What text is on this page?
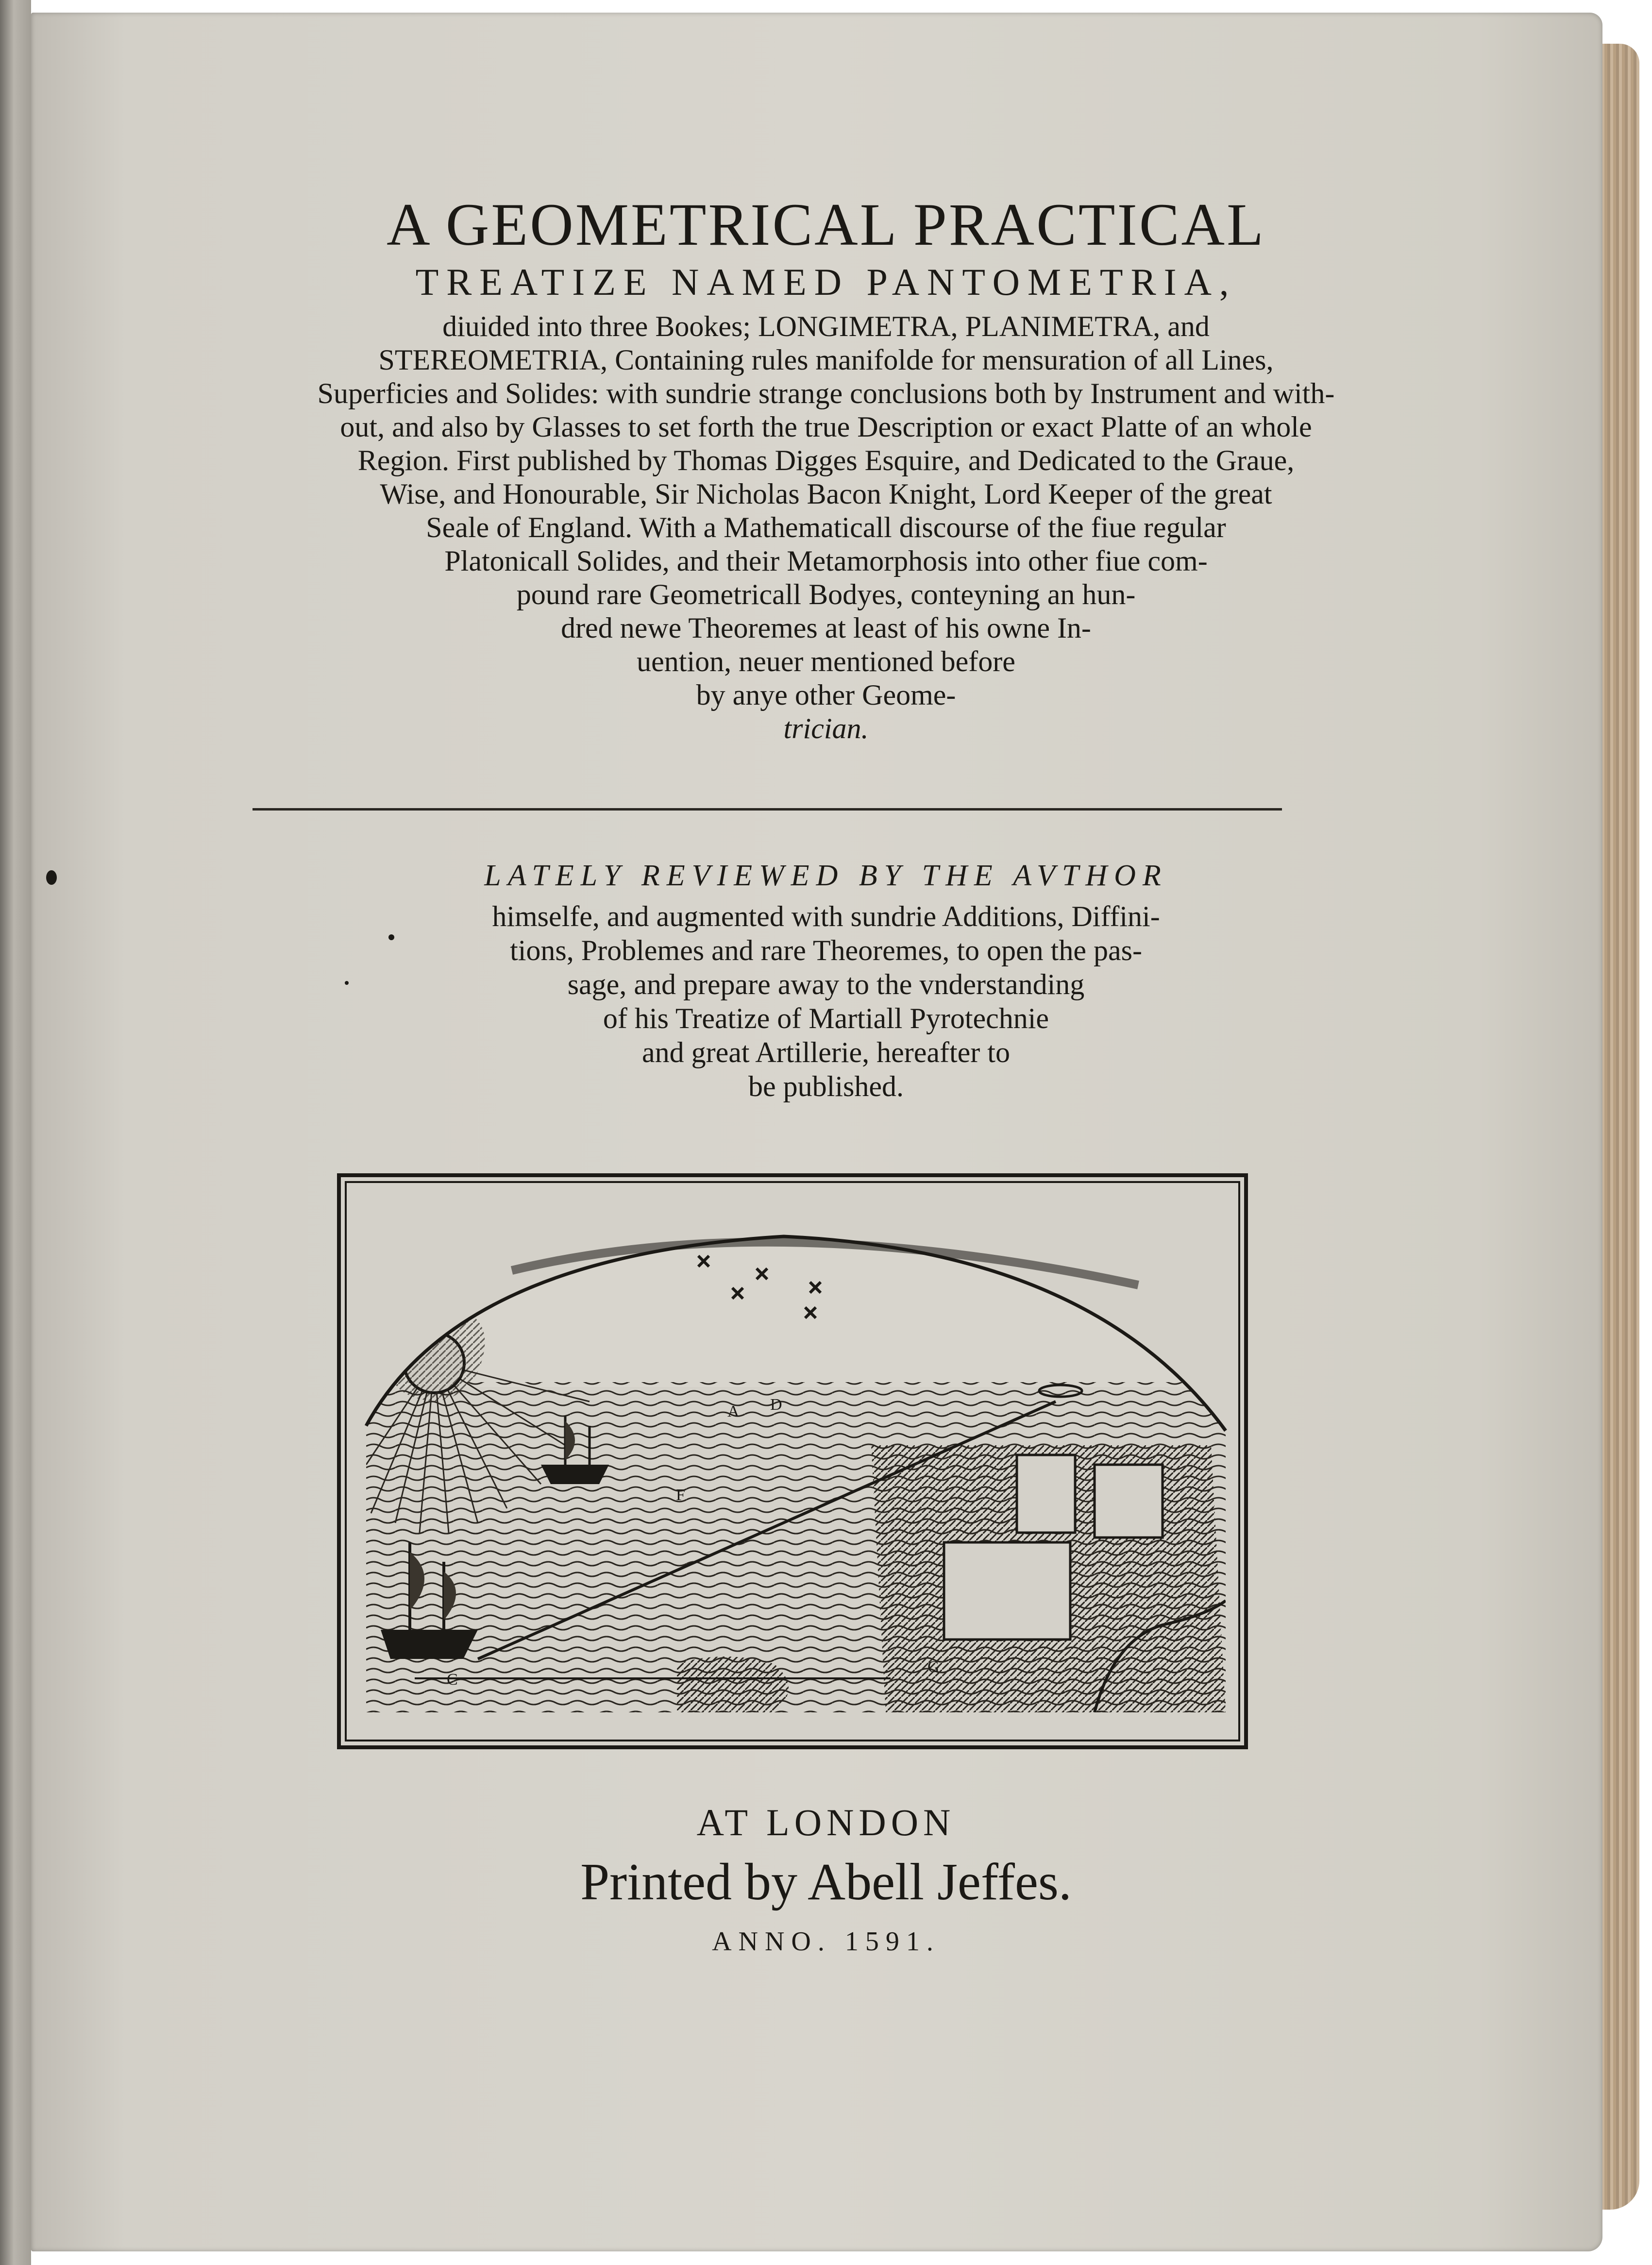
A GEOMETRICAL PRACTICAL
TREATIZE NAMED PANTOMETRIA,
diuided into three Bookes; LONGIMETRA, PLANIMETRA, and
STEREOMETRIA, Containing rules manifolde for mensuration of all Lines,
Superficies and Solides: with sundrie strange conclusions both by Instrument and with-
out, and also by Glasses to set forth the true Description or exact Platte of an whole
Region. First published by Thomas Digges Esquire, and Dedicated to the Graue,
Wise, and Honourable, Sir Nicholas Bacon Knight, Lord Keeper of the great
Seale of England. With a Mathematicall discourse of the fiue regular
Platonicall Solides, and their Metamorphosis into other fiue com-
pound rare Geometricall Bodyes, conteyning an hun-
dred newe Theoremes at least of his owne In-
uention, neuer mentioned before
by anye other Geome-
trician.
LATELY REVIEWED BY THE AVTHOR
himselfe, and augmented with sundrie Additions, Diffini-
tions, Problemes and rare Theoremes, to open the pas-
sage, and prepare away to the vnderstanding
of his Treatize of Martiall Pyrotechnie
and great Artillerie, hereafter to
be published.
A D
F
C
G
AT LONDON
Printed by Abell Jeffes.
ANNO. 1591.
